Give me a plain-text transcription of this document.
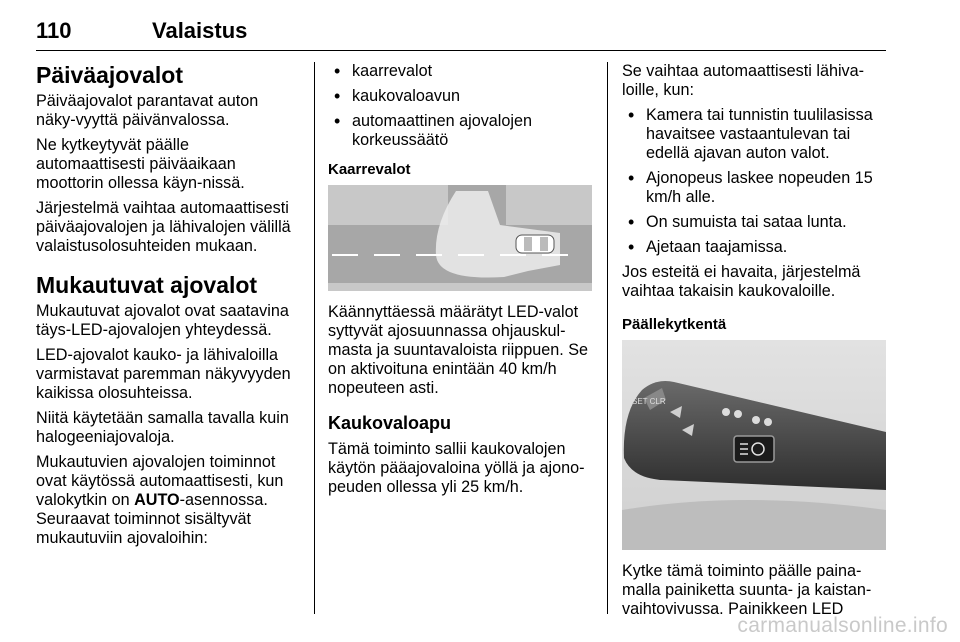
110	Valaistus
Päiväajovalot

Päiväajovalot parantavat auton näky-vyyttä päivänvalossa.

Ne kytkeytyvät päälle automaattisesti päiväaikaan moottorin ollessa käyn-nissä.

Järjestelmä vaihtaa automaattisesti päiväajovalojen ja lähivalojen välillä valaistusolosuhteiden mukaan.

Mukautuvat ajovalot

Mukautuvat ajovalot ovat saatavina täys-LED-ajovalojen yhteydessä.

LED-ajovalot kauko- ja lähivaloilla varmistavat paremman näkyvyyden kaikissa olosuhteissa.

Niitä käytetään samalla tavalla kuin halogeeniajovaloja.

Mukautuvien ajovalojen toiminnot ovat käytössä automaattisesti, kun valokytkin on AUTO-asennossa. Seuraavat toiminnot sisältyvät mukautuviin ajovaloihin:

• kaarrevalot
• kaukovaloavun
• automaattinen ajovalojen korkeussäätö
Kaarrevalot

Käännyttäessä määrätyt LED-valot syttyvät ajosuunnassa ohjauskul-masta ja suuntavaloista riippuen. Se on aktivoituna enintään 40 km/h nopeuteen asti.

Kaukovaloapu

Tämä toiminto sallii kaukovalojen käytön pääajovaloina yöllä ja ajono-peuden ollessa yli 25 km/h.

Se vaihtaa automaattisesti lähiva-loille, kun:

• Kamera tai tunnistin tuulilasissa havaitsee vastaantulevan tai edellä ajavan auton valot.
• Ajonopeus laskee nopeuden 15 km/h alle.
• On sumuista tai sataa lunta.
• Ajetaan taajamissa.

Jos esteitä ei havaita, järjestelmä vaihtaa takaisin kaukovaloille.

Päällekytkentä
SET CLR

Kytke tämä toiminto päälle paina-malla painiketta suunta- ja kaistan-vaihtovivussa. Painikkeen LED

carmanualsonline.info
